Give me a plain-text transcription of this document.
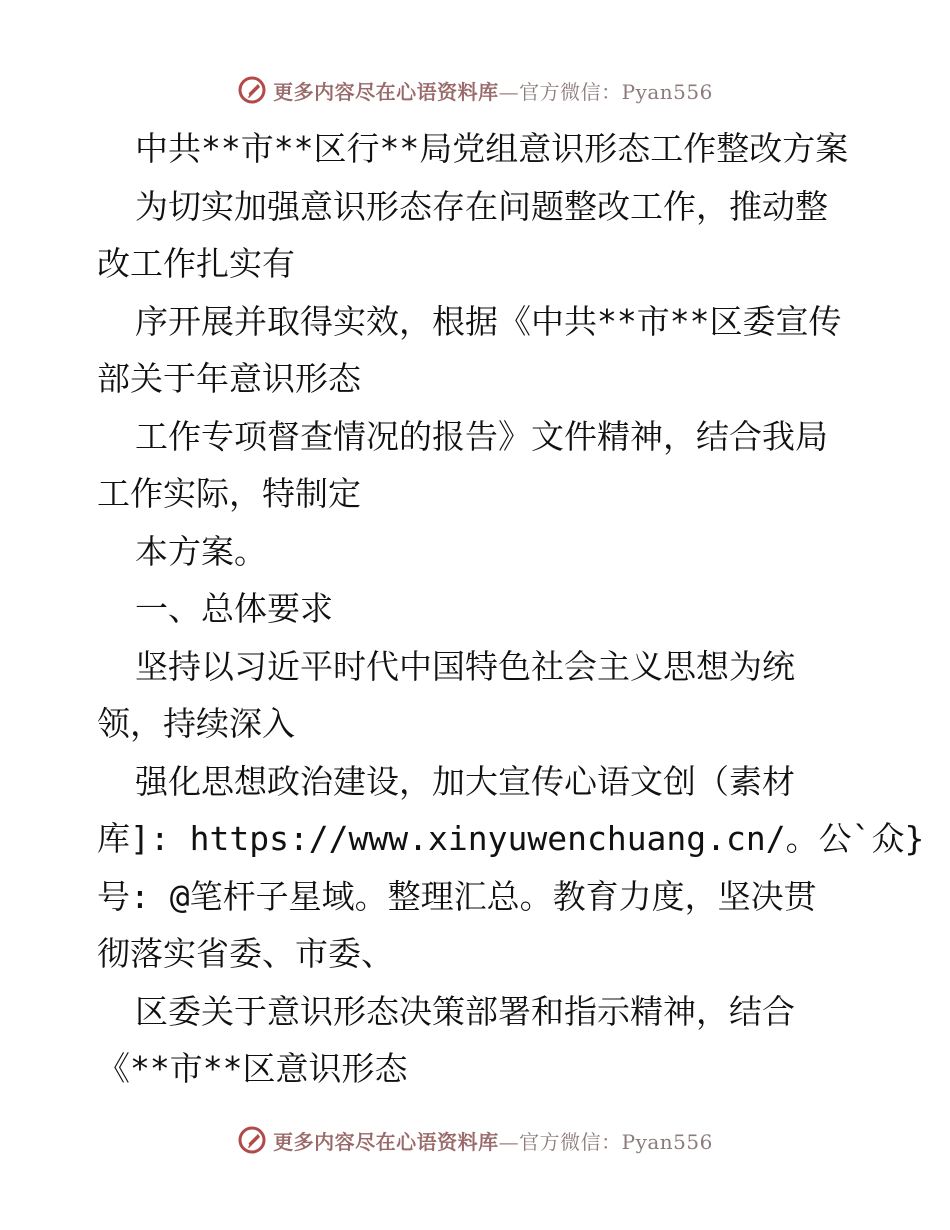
更多内容尽在心语资料库—官方微信：Pyan556
中共**市**区行**局党组意识形态工作整改方案
为切实加强意识形态存在问题整改工作，推动整
改工作扎实有
序开展并取得实效，根据《中共**市**区委宣传
部关于年意识形态
工作专项督查情况的报告》文件精神，结合我局
工作实际，特制定
本方案。
一、总体要求
坚持以习近平时代中国特色社会主义思想为统
领，持续深入
强化思想政治建设，加大宣传心语文创（素材
库]: https://www.xinyuwenchuang.cn/。公`众}
号: @笔杆子星域。整理汇总。教育力度，坚决贯
彻落实省委、市委、
区委关于意识形态决策部署和指示精神，结合
《**市**区意识形态
更多内容尽在心语资料库—官方微信：Pyan556
